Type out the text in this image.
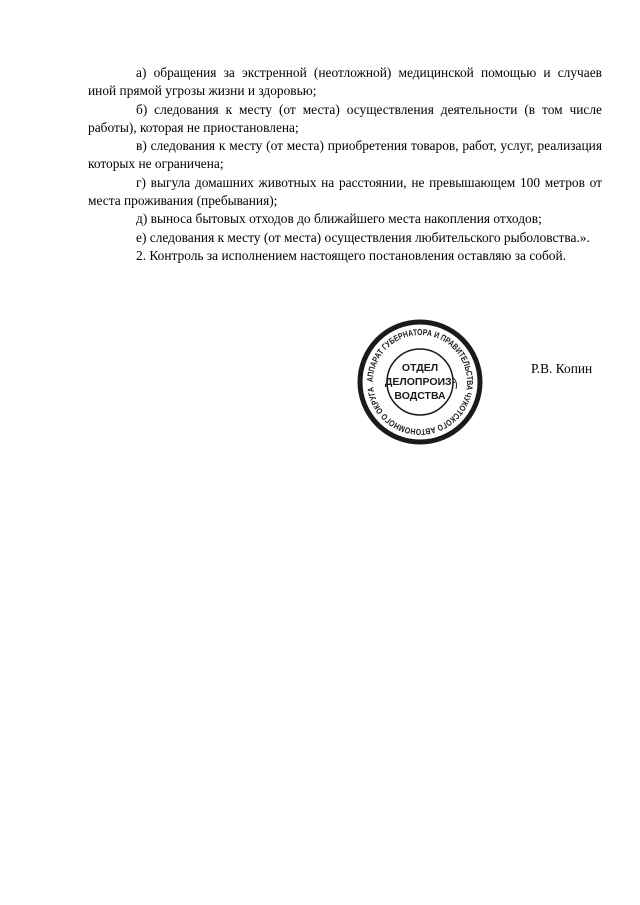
а) обращения за экстренной (неотложной) медицинской помощью и случаев иной прямой угрозы жизни и здоровью;

б) следования к месту (от места) осуществления деятельности (в том числе работы), которая не приостановлена;

в) следования к месту (от места) приобретения товаров, работ, услуг, реализация которых не ограничена;

г) выгула домашних животных на расстоянии, не превышающем 100 метров от места проживания (пребывания);

д) выноса бытовых отходов до ближайшего места накопления отходов;

е) следования к месту (от места) осуществления любительского рыболовства.».

2. Контроль за исполнением настоящего постановления оставляю за собой.

АППАРАТ ГУБЕРНАТОРА И ПРАВИТЕЛЬСТВА ЧУКОТСКОГО АВТОНОМНОГО ОКРУГА
ОТДЕЛ
ДЕЛОПРОИЗ-
ВОДСТВА
Р.В. Копин
